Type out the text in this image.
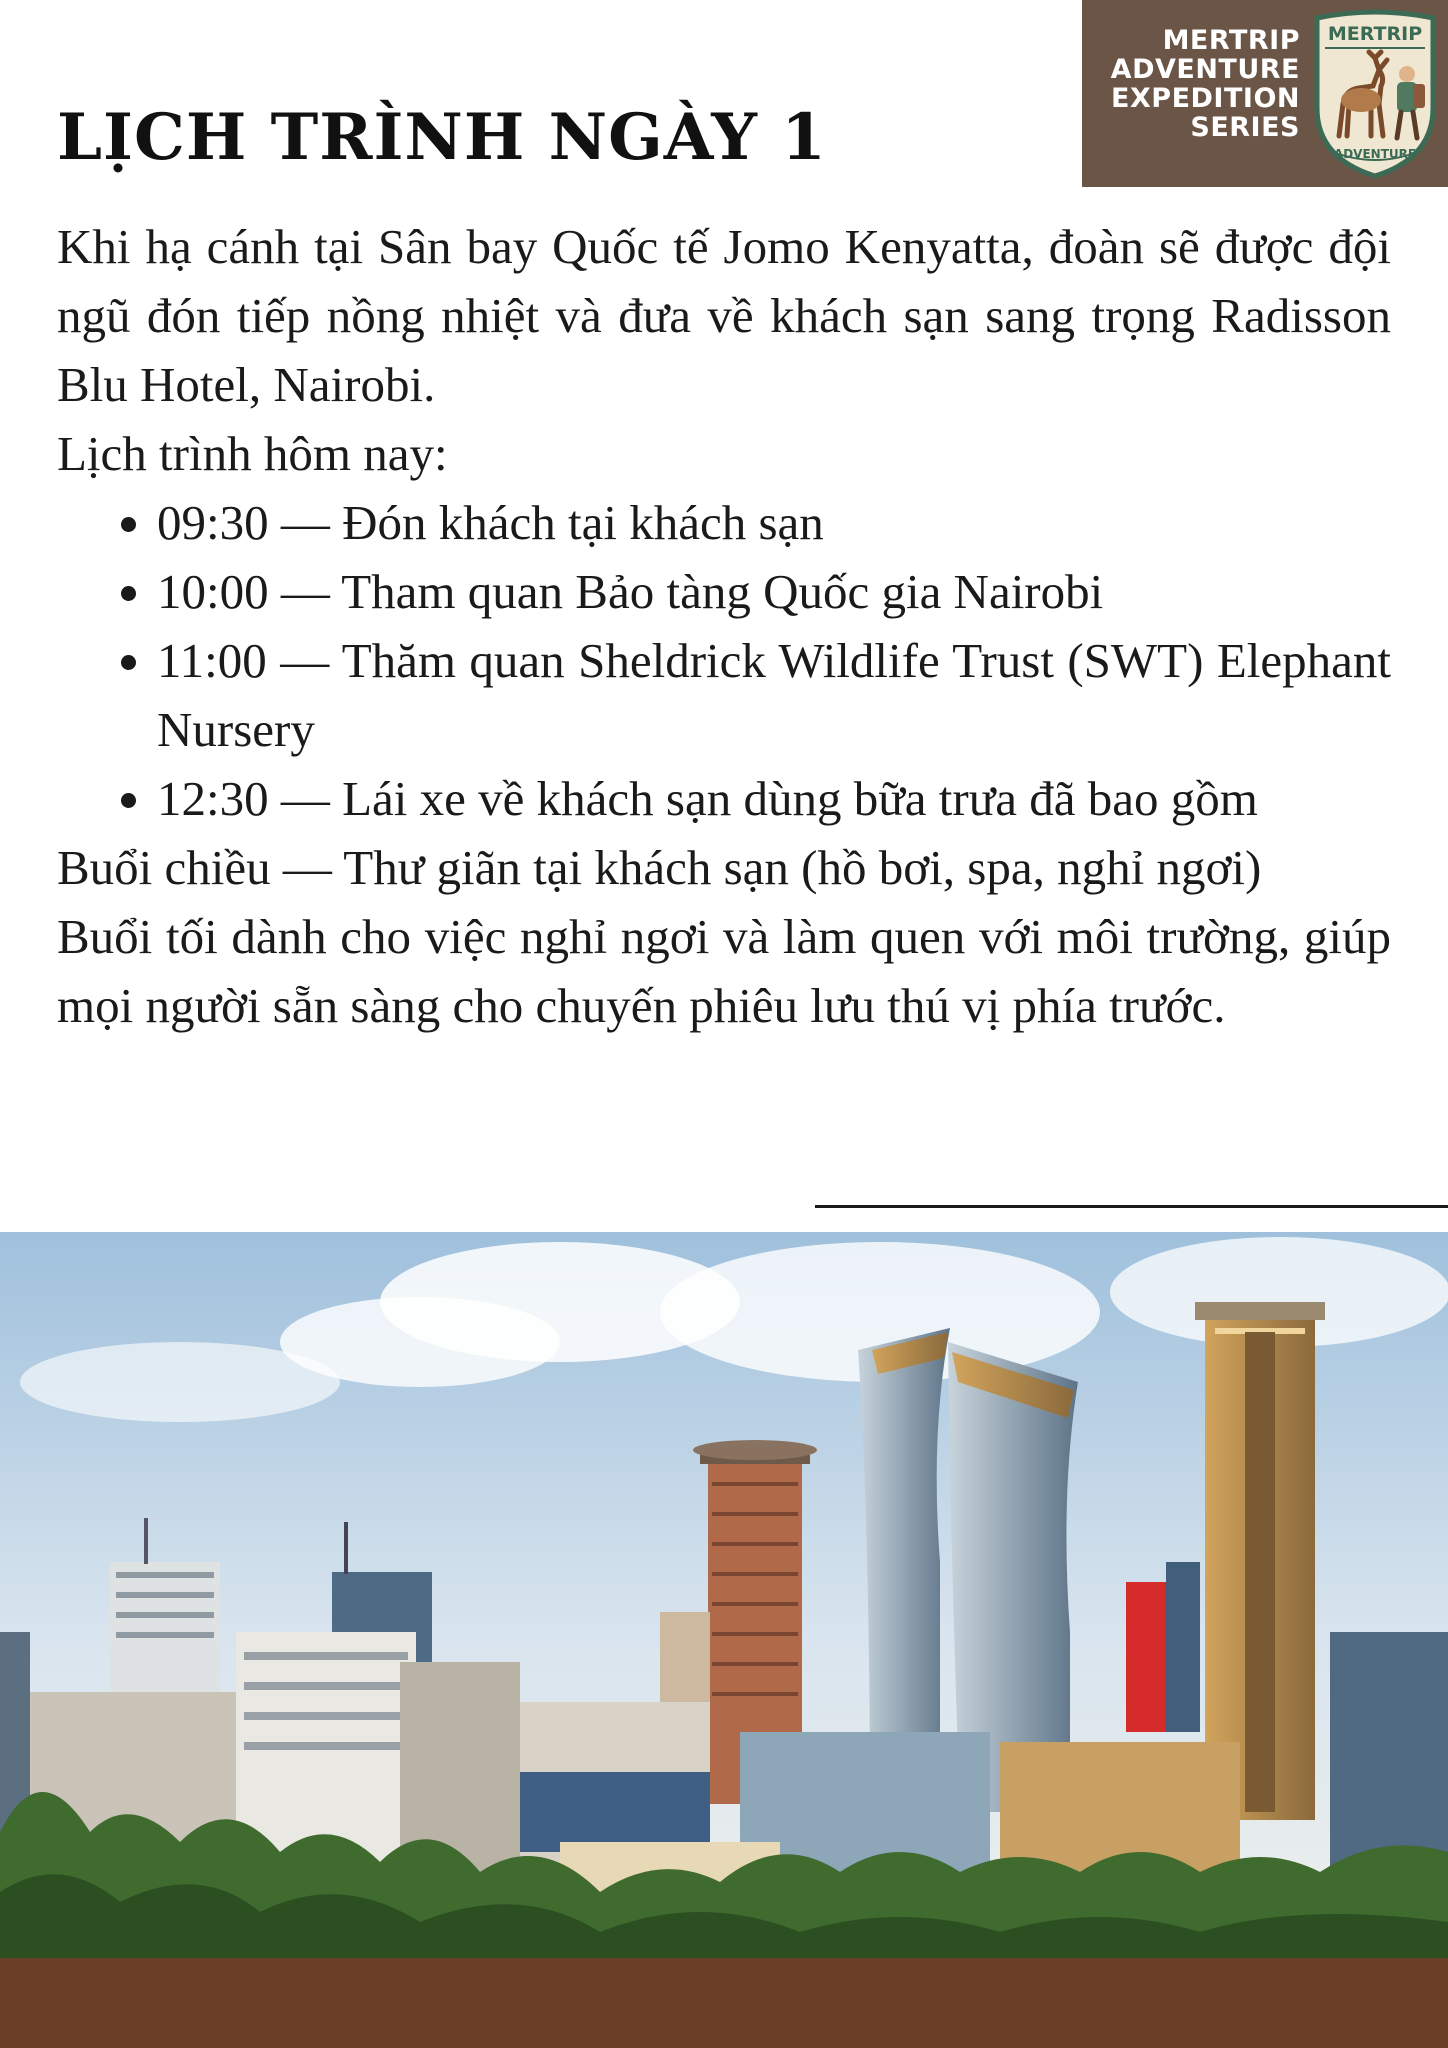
LỊCH TRÌNH NGÀY 1
MERTRIP
ADVENTURE
EXPEDITION
SERIES
MERTRIP
ADVENTURE

Khi hạ cánh tại Sân bay Quốc tế Jomo Kenyatta, đoàn sẽ được đội ngũ đón tiếp nồng nhiệt và đưa về khách sạn sang trọng Radisson Blu Hotel, Nairobi.

Lịch trình hôm nay:

• 09:30 — Đón khách tại khách sạn
• 10:00 — Tham quan Bảo tàng Quốc gia Nairobi
• 11:00 — Thăm quan Sheldrick Wildlife Trust (SWT) Elephant Nursery
• 12:30 — Lái xe về khách sạn dùng bữa trưa đã bao gồm

Buổi chiều — Thư giãn tại khách sạn (hồ bơi, spa, nghỉ ngơi)

Buổi tối dành cho việc nghỉ ngơi và làm quen với môi trường, giúp mọi người sẵn sàng cho chuyến phiêu lưu thú vị phía trước.
